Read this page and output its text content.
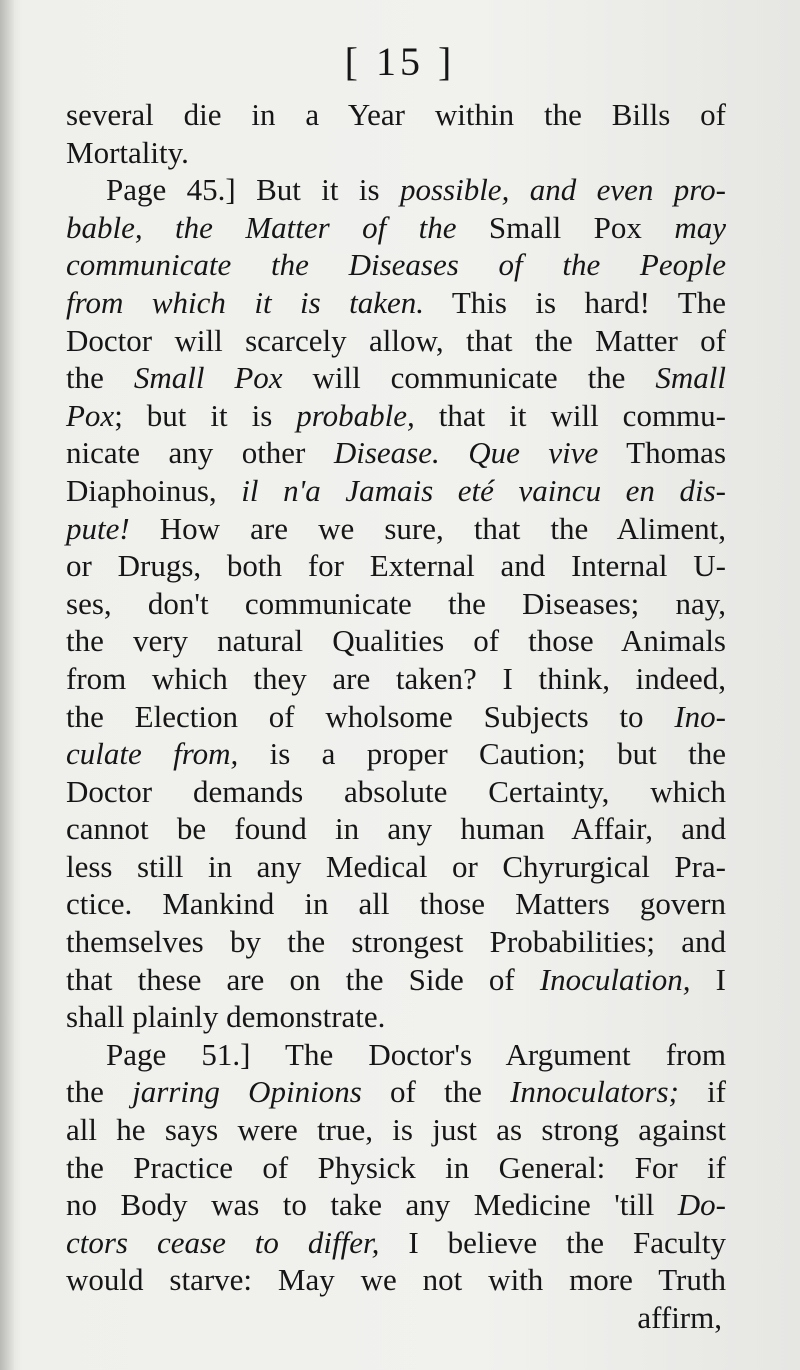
[ 15 ]
several die in a Year within the Bills of
Mortality.
Page 45.] But it is possible, and even pro-
bable, the Matter of the Small Pox may
communicate the Diseases of the People
from which it is taken. This is hard! The
Doctor will scarcely allow, that the Matter of
the Small Pox will communicate the Small
Pox; but it is probable, that it will commu-
nicate any other Disease. Que vive Thomas
Diaphoinus, il n'a Jamais eté vaincu en dis-
pute! How are we sure, that the Aliment,
or Drugs, both for External and Internal U-
ses, don't communicate the Diseases; nay,
the very natural Qualities of those Animals
from which they are taken? I think, indeed,
the Election of wholsome Subjects to Ino-
culate from, is a proper Caution; but the
Doctor demands absolute Certainty, which
cannot be found in any human Affair, and
less still in any Medical or Chyrurgical Pra-
ctice. Mankind in all those Matters govern
themselves by the strongest Probabilities; and
that these are on the Side of Inoculation, I
shall plainly demonstrate.
Page 51.] The Doctor's Argument from
the jarring Opinions of the Innoculators; if
all he says were true, is just as strong against
the Practice of Physick in General: For if
no Body was to take any Medicine 'till Do-
ctors cease to differ, I believe the Faculty
would starve: May we not with more Truth
affirm,
